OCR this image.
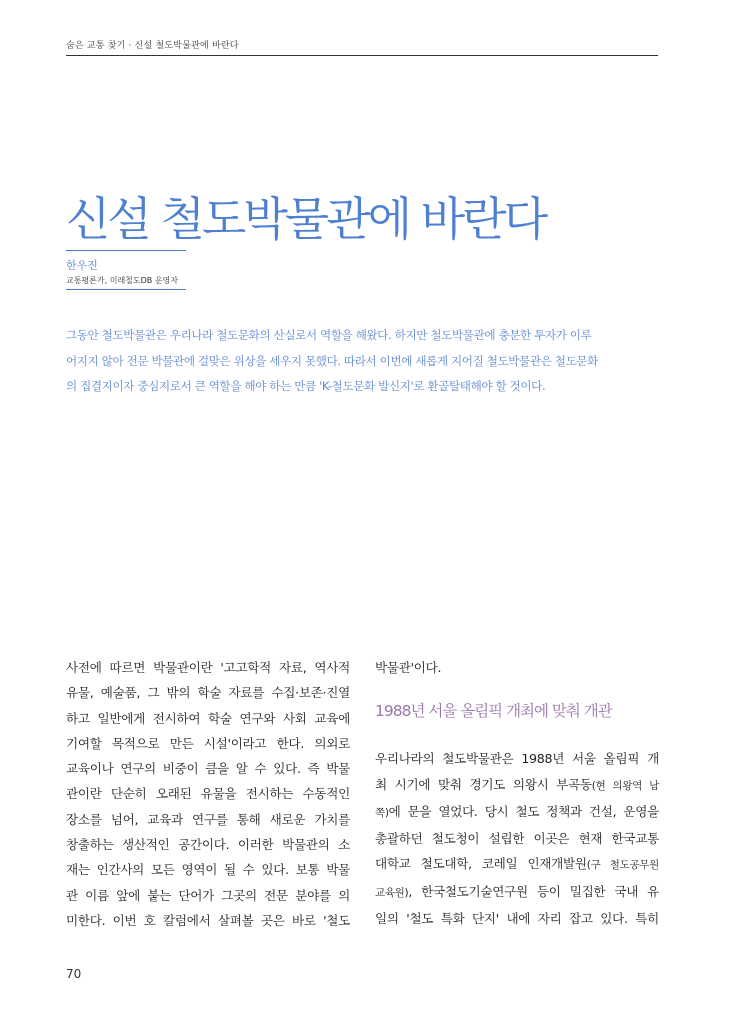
숨은 교통 찾기 · 신설 철도박물관에 바란다
신설 철도박물관에 바란다
한우진
교통평론가, 미래철도DB 운영자
그동안 철도박물관은 우리나라 철도문화의 산실로서 역할을 해왔다. 하지만 철도박물관에 충분한 투자가 이루
어지지 않아 전문 박물관에 걸맞은 위상을 세우지 못했다. 따라서 이번에 새롭게 지어질 철도박물관은 철도문화
의 집결지이자 중심지로서 큰 역할을 해야 하는 만큼 'K-철도문화 발신지'로 환골탈태해야 할 것이다.
사전에 따르면 박물관이란 '고고학적 자료, 역사적
유물, 예술품, 그 밖의 학술 자료를 수집·보존·진열
하고 일반에게 전시하여 학술 연구와 사회 교육에
기여할 목적으로 만든 시설'이라고 한다. 의외로
교육이나 연구의 비중이 큼을 알 수 있다. 즉 박물
관이란 단순히 오래된 유물을 전시하는 수동적인
장소를 넘어, 교육과 연구를 통해 새로운 가치를
창출하는 생산적인 공간이다. 이러한 박물관의 소
재는 인간사의 모든 영역이 될 수 있다. 보통 박물
관 이름 앞에 붙는 단어가 그곳의 전문 분야를 의
미한다. 이번 호 칼럼에서 살펴볼 곳은 바로 '철도
박물관'이다.
1988년 서울 올림픽 개최에 맞춰 개관
우리나라의 철도박물관은 1988년 서울 올림픽 개
최 시기에 맞춰 경기도 의왕시 부곡동(현 의왕역 남
쪽)에 문을 열었다. 당시 철도 정책과 건설, 운영을
총괄하던 철도청이 설립한 이곳은 현재 한국교통
대학교 철도대학, 코레일 인재개발원(구 철도공무원
교육원), 한국철도기술연구원 등이 밀집한 국내 유
일의 '철도 특화 단지' 내에 자리 잡고 있다. 특히
70
